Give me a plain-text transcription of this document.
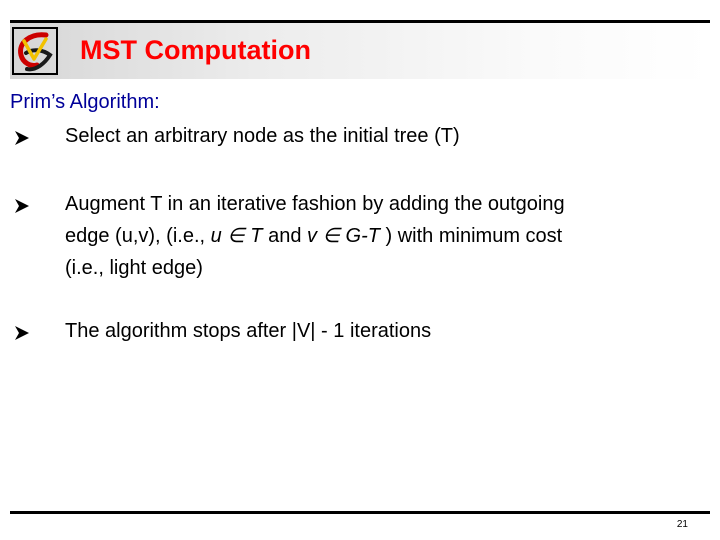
MST Computation
Prim’s Algorithm:
Select an arbitrary node as the initial tree (T)
Augment T in an iterative fashion by adding the outgoing
edge (u,v), (i.e., u ∈ T and v ∈ G-T ) with minimum cost
(i.e., light edge)
The algorithm stops after |V| - 1 iterations
21
